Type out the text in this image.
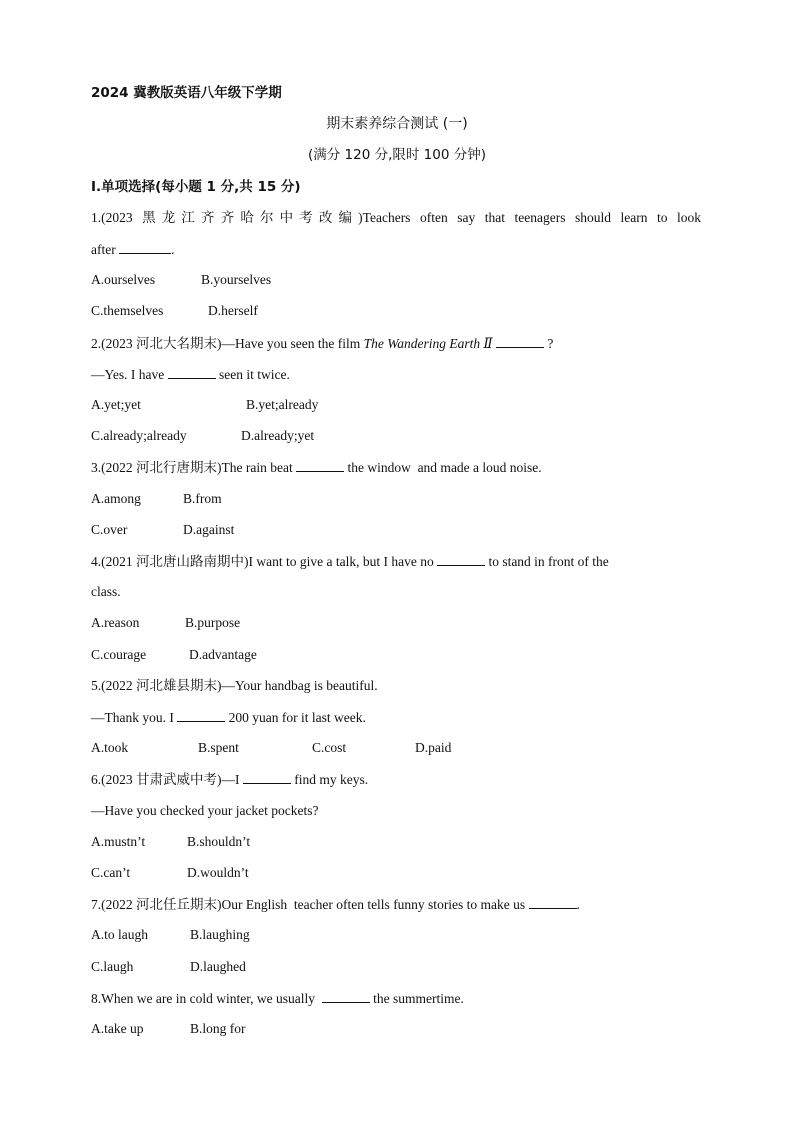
2024 冀教版英语八年级下学期
期末素养综合测试 (一)
(满分 120 分,限时 100 分钟)
Ⅰ.单项选择(每小题 1 分,共 15 分)
1.(2023 黑龙江齐齐哈尔中考改编)Teachers often say that teenagers should learn to look
after	.
A.ourselves	B.yourselves
C.themselves	D.herself
2.(2023 河北大名期末)—Have you seen the film The Wandering Earth Ⅱ	?
—Yes. I have	seen it twice.
A.yet;yet	B.yet;already
C.already;already	D.already;yet
3.(2022 河北行唐期末)The rain beat	the window  and made a loud noise.
A.among	B.from
C.over	D.against
4.(2021 河北唐山路南期中)I want to give a talk, but I have no	to stand in front of the
class.
A.reason	B.purpose
C.courage	D.advantage
5.(2022 河北雄县期末)—Your handbag is beautiful.
—Thank you. I	200 yuan for it last week.
A.took	B.spent	C.cost	D.paid
6.(2023 甘肃武威中考)—I	find my keys.
—Have you checked your jacket pockets?
A.mustn’t	B.shouldn’t
C.can’t	D.wouldn’t
7.(2022 河北任丘期末)Our English  teacher often tells funny stories to make us	.
A.to laugh	B.laughing
C.laugh	D.laughed
8.When we are in cold winter, we usually	the summertime.
A.take up	B.long for
